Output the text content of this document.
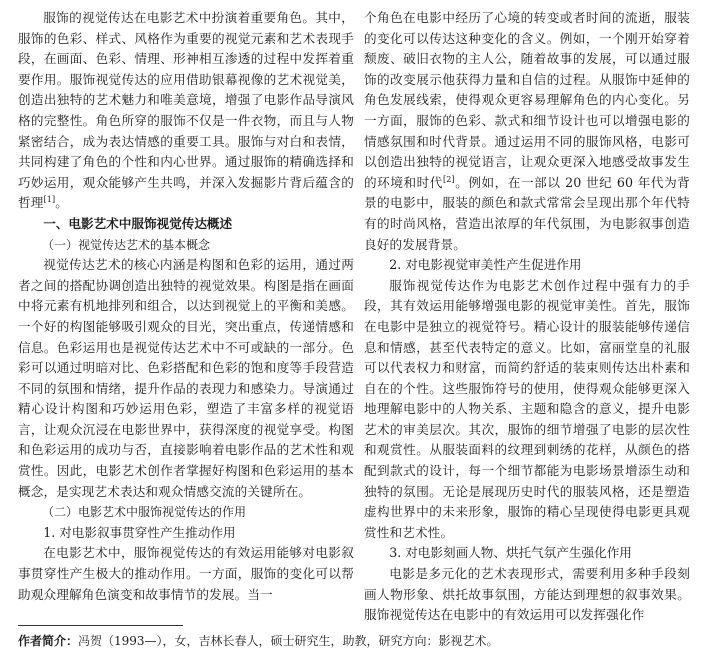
服饰的视觉传达在电影艺术中扮演着重要角色。其中，服饰的色彩、样式、风格作为重要的视觉元素和艺术表现手段，在画面、色彩、情理、形神相互渗透的过程中发挥着重要作用。服饰视觉传达的应用借助银幕视像的艺术视觉美，创造出独特的艺术魅力和唯美意境，增强了电影作品导演风格的完整性。角色所穿的服饰不仅是一件衣物，而且与人物紧密结合，成为表达情感的重要工具。服饰与对白和表情，共同构建了角色的个性和内心世界。通过服饰的精确选择和巧妙运用，观众能够产生共鸣，并深入发掘影片背后蕴含的哲理[1]。

一、电影艺术中服饰视觉传达概述

（一）视觉传达艺术的基本概念

视觉传达艺术的核心内涵是构图和色彩的运用，通过两者之间的搭配协调创造出独特的视觉效果。构图是指在画面中将元素有机地排列和组合，以达到视觉上的平衡和美感。一个好的构图能够吸引观众的目光，突出重点，传递情感和信息。色彩运用也是视觉传达艺术中不可或缺的一部分。色彩可以通过明暗对比、色彩搭配和色彩的饱和度等手段营造不同的氛围和情绪，提升作品的表现力和感染力。导演通过精心设计构图和巧妙运用色彩，塑造了丰富多样的视觉语言，让观众沉浸在电影世界中，获得深度的视觉享受。构图和色彩运用的成功与否，直接影响着电影作品的艺术性和观赏性。因此，电影艺术创作者掌握好构图和色彩运用的基本概念，是实现艺术表达和观众情感交流的关键所在。

（二）电影艺术中服饰视觉传达的作用

1. 对电影叙事贯穿性产生推动作用

在电影艺术中，服饰视觉传达的有效运用能够对电影叙事贯穿性产生极大的推动作用。一方面，服饰的变化可以帮助观众理解角色演变和故事情节的发展。当一

个角色在电影中经历了心境的转变或者时间的流逝，服装的变化可以传达这种变化的含义。例如，一个刚开始穿着颓废、破旧衣物的主人公，随着故事的发展，可以通过服饰的改变展示他获得力量和自信的过程。从服饰中延伸的角色发展线索，使得观众更容易理解角色的内心变化。另一方面，服饰的色彩、款式和细节设计也可以增强电影的情感氛围和时代背景。通过运用不同的服饰风格，电影可以创造出独特的视觉语言，让观众更深入地感受故事发生的环境和时代[2]。例如，在一部以 20 世纪 60 年代为背景的电影中，服装的颜色和款式常常会呈现出那个年代特有的时尚风格，营造出浓厚的年代氛围，为电影叙事创造良好的发展背景。

2. 对电影视觉审美性产生促进作用

服饰视觉传达作为电影艺术创作过程中强有力的手段，其有效运用能够增强电影的视觉审美性。首先，服饰在电影中是独立的视觉符号。精心设计的服装能够传递信息和情感，甚至代表特定的意义。比如，富丽堂皇的礼服可以代表权力和财富，而简约舒适的装束则传达出朴素和自在的个性。这些服饰符号的使用，使得观众能够更深入地理解电影中的人物关系、主题和隐含的意义，提升电影艺术的审美层次。其次，服饰的细节增强了电影的层次性和观赏性。从服装面料的纹理到刺绣的花样，从颜色的搭配到款式的设计，每一个细节都能为电影场景增添生动和独特的氛围。无论是展现历史时代的服装风格，还是塑造虚构世界中的未来形象，服饰的精心呈现使得电影更具观赏性和艺术性。

3. 对电影刻画人物、烘托气氛产生强化作用

电影是多元化的艺术表现形式，需要利用多种手段刻画人物形象、烘托故事氛围，方能达到理想的叙事效果。服饰视觉传达在电影中的有效运用可以发挥强化作

作者简介：冯贺（1993—），女，吉林长春人，硕士研究生，助教，研究方向：影视艺术。
